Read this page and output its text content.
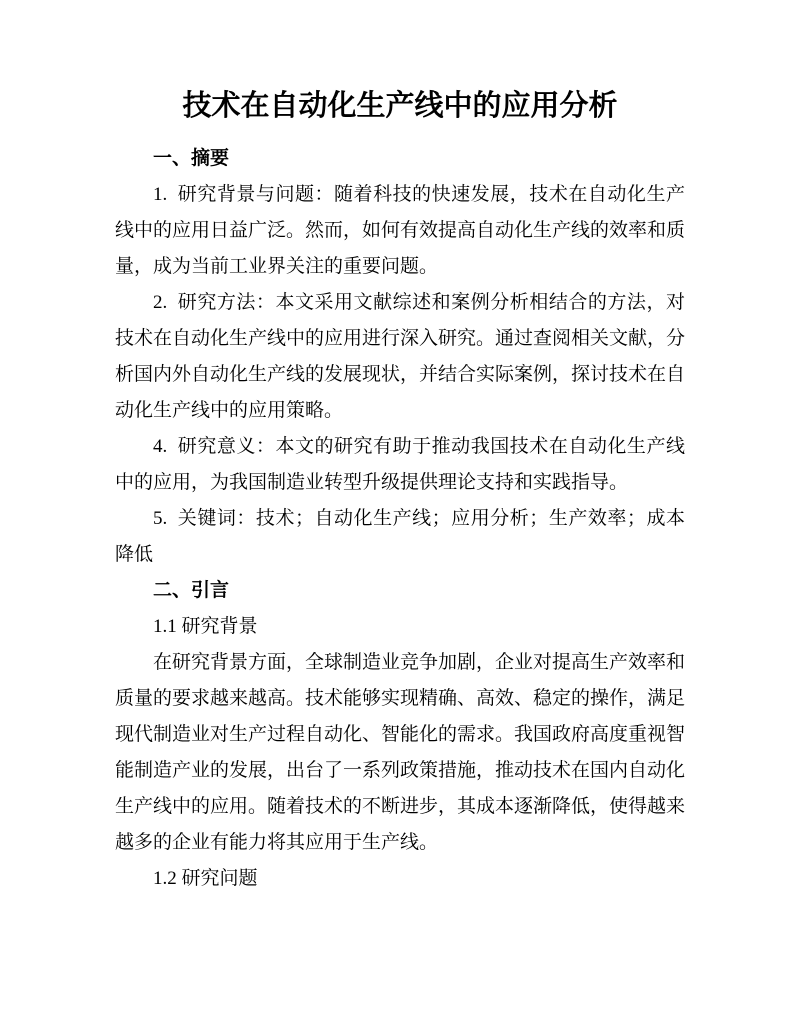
技术在自动化生产线中的应用分析

一、摘要

1.  研究背景与问题：随着科技的快速发展，技术在自动化生产线中的应用日益广泛。然而，如何有效提高自动化生产线的效率和质量，成为当前工业界关注的重要问题。

2.  研究方法：本文采用文献综述和案例分析相结合的方法，对技术在自动化生产线中的应用进行深入研究。通过查阅相关文献，分析国内外自动化生产线的发展现状，并结合实际案例，探讨技术在自动化生产线中的应用策略。

4.  研究意义：本文的研究有助于推动我国技术在自动化生产线中的应用，为我国制造业转型升级提供理论支持和实践指导。

5.  关键词：技术；自动化生产线；应用分析；生产效率；成本降低

二、引言

1.1 研究背景

在研究背景方面，全球制造业竞争加剧，企业对提高生产效率和质量的要求越来越高。技术能够实现精确、高效、稳定的操作，满足现代制造业对生产过程自动化、智能化的需求。我国政府高度重视智能制造产业的发展，出台了一系列政策措施，推动技术在国内自动化生产线中的应用。随着技术的不断进步，其成本逐渐降低，使得越来越多的企业有能力将其应用于生产线。

1.2 研究问题
